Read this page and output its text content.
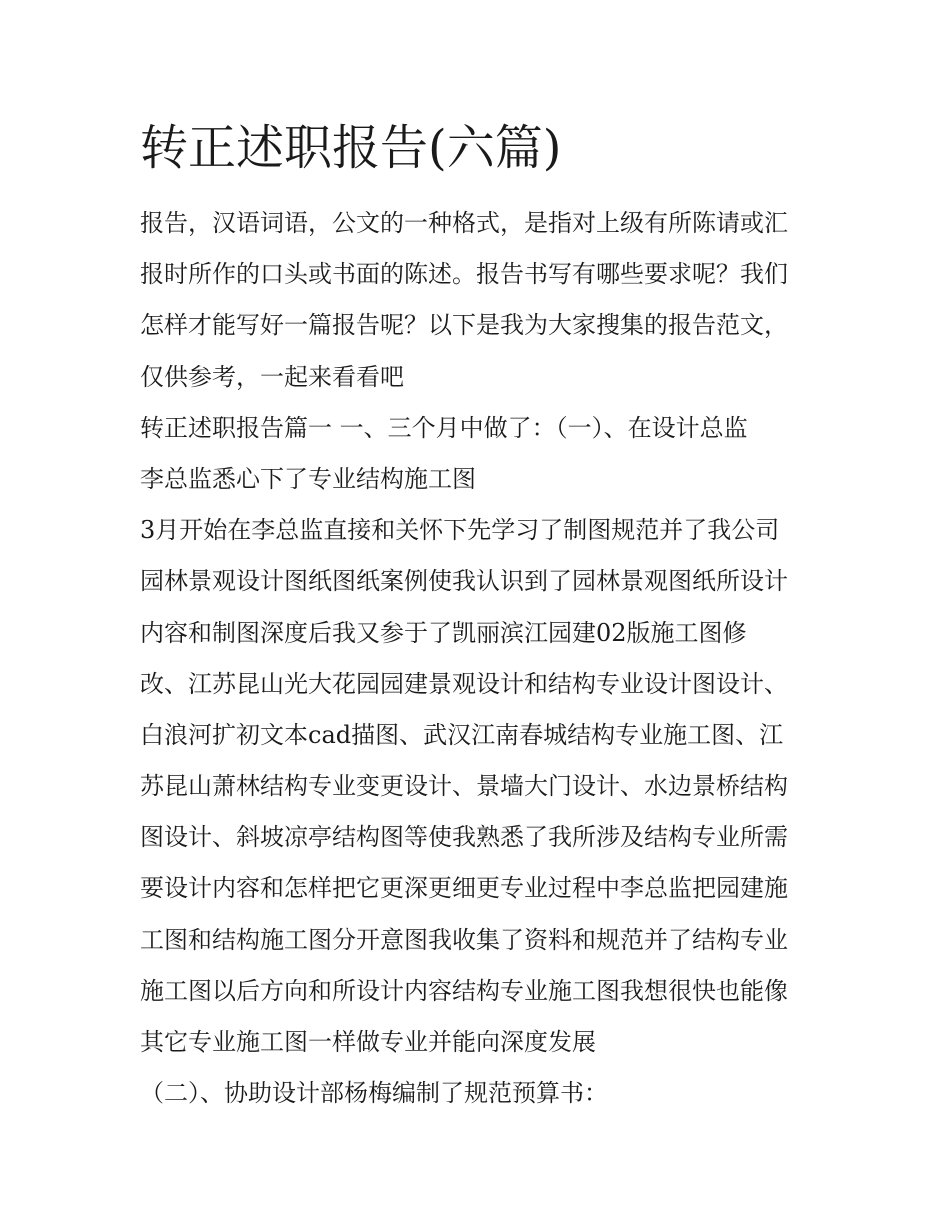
转正述职报告(六篇)
报告，汉语词语，公文的一种格式，是指对上级有所陈请或汇
报时所作的口头或书面的陈述。报告书写有哪些要求呢？我们
怎样才能写好一篇报告呢？以下是我为大家搜集的报告范文，
仅供参考，一起来看看吧
转正述职报告篇一 一、三个月中做了：（一）、在设计总监
李总监悉心下了专业结构施工图
3月开始在李总监直接和关怀下先学习了制图规范并了我公司
园林景观设计图纸图纸案例使我认识到了园林景观图纸所设计
内容和制图深度后我又参于了凯丽滨江园建02版施工图修
改、江苏昆山光大花园园建景观设计和结构专业设计图设计、
白浪河扩初文本cad描图、武汉江南春城结构专业施工图、江
苏昆山萧林结构专业变更设计、景墙大门设计、水边景桥结构
图设计、斜坡凉亭结构图等使我熟悉了我所涉及结构专业所需
要设计内容和怎样把它更深更细更专业过程中李总监把园建施
工图和结构施工图分开意图我收集了资料和规范并了结构专业
施工图以后方向和所设计内容结构专业施工图我想很快也能像
其它专业施工图一样做专业并能向深度发展
（二）、协助设计部杨梅编制了规范预算书：
